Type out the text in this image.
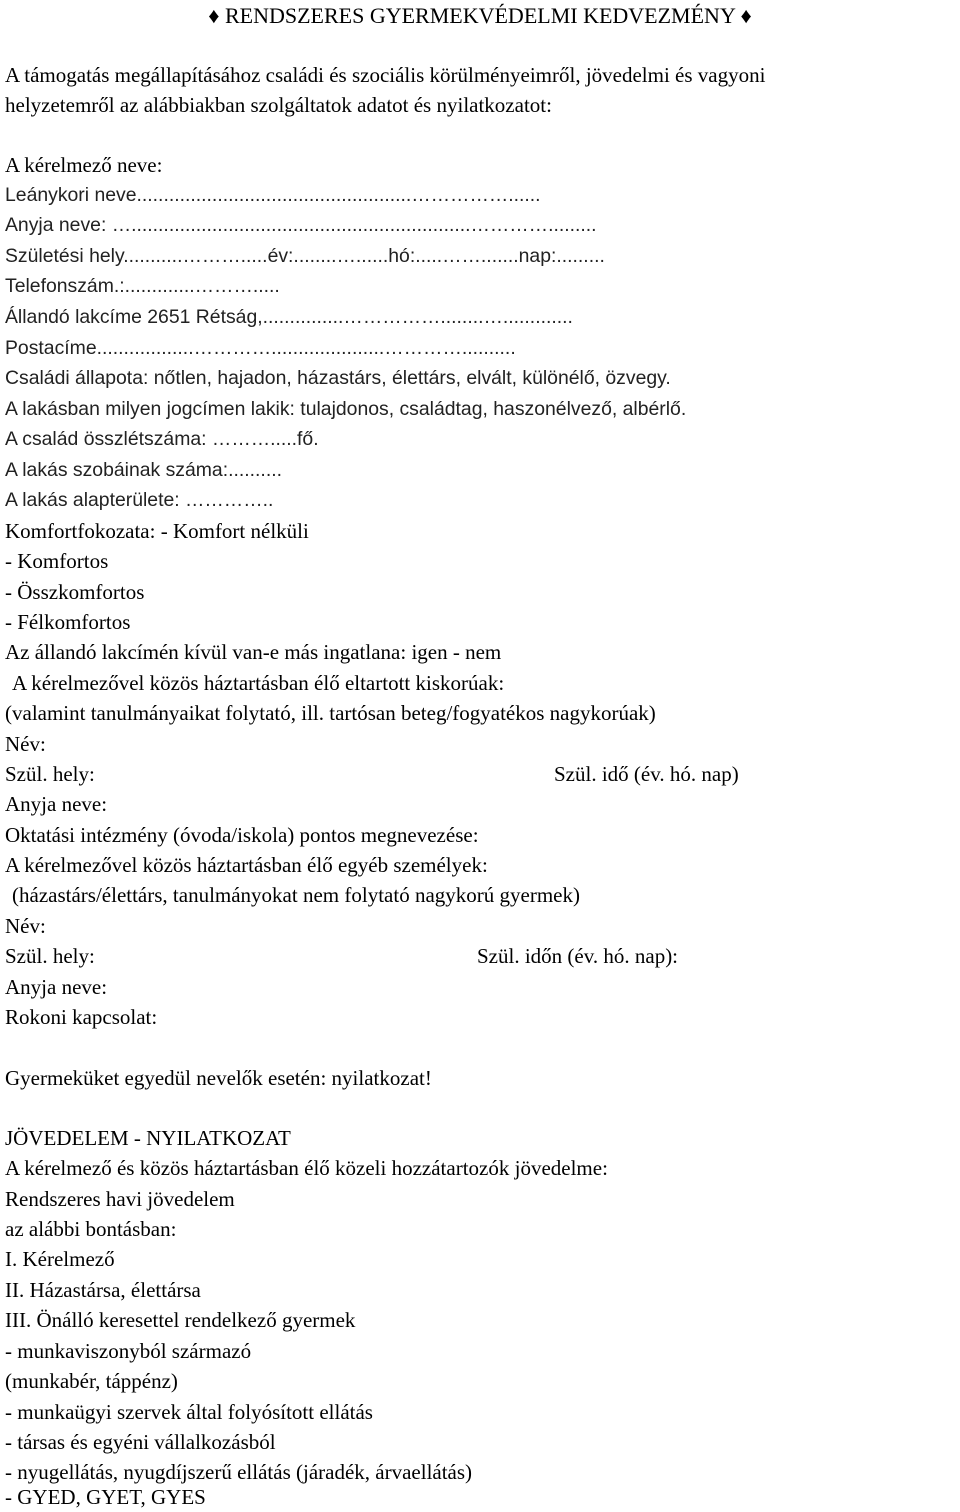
♦ RENDSZERES GYERMEKVÉDELMI KEDVEZMÉNY ♦
A támogatás megállapításához családi és szociális körülményeimről, jövedelmi és vagyoni
helyzetemről az alábbiakban szolgáltatok adatot és nyilatkozatot:
A kérelmező neve:
Leánykori neve...................................................……………......
Anyja neve: …...............................................................………….........
Születési hely...........……….....év:........…......hó:.....…….......nap:.........
Telefonszám.:.............……….....
Állandó lakcíme 2651 Rétság,...............……………........….............
Postacíme..................………….....................…………..........
Családi állapota: nőtlen, hajadon, házastárs, élettárs, elvált, különélő, özvegy.
A lakásban milyen jogcímen lakik: tulajdonos, családtag, haszonélvező, albérlő.
A család összlétszáma: ……….....fő.
A lakás szobáinak száma:..........
A lakás alapterülete: …………..
Komfortfokozata: - Komfort nélküli
- Komfortos
- Összkomfortos
- Félkomfortos
Az állandó lakcímén kívül van-e más ingatlana: igen - nem
A kérelmezővel közös háztartásban élő eltartott kiskorúak:
(valamint tanulmányaikat folytató, ill. tartósan beteg/fogyatékos nagykorúak)
Név:
Szül. hely:	Szül. idő (év. hó. nap)
Anyja neve:
Oktatási intézmény (óvoda/iskola) pontos megnevezése:
A kérelmezővel közös háztartásban élő egyéb személyek:
(házastárs/élettárs, tanulmányokat nem folytató nagykorú gyermek)
Név:
Szül. hely:	Szül. időn (év. hó. nap):
Anyja neve:
Rokoni kapcsolat:
Gyermeküket egyedül nevelők esetén: nyilatkozat!
JÖVEDELEM - NYILATKOZAT
A kérelmező és közös háztartásban élő közeli hozzátartozók jövedelme:
Rendszeres havi jövedelem
az alábbi bontásban:
I. Kérelmező
II. Házastársa, élettársa
III. Önálló keresettel rendelkező gyermek
- munkaviszonyból származó
(munkabér, táppénz)
- munkaügyi szervek által folyósított ellátás
- társas és egyéni vállalkozásból
- nyugellátás, nyugdíjszerű ellátás (járadék, árvaellátás)
- GYED, GYET, GYES
